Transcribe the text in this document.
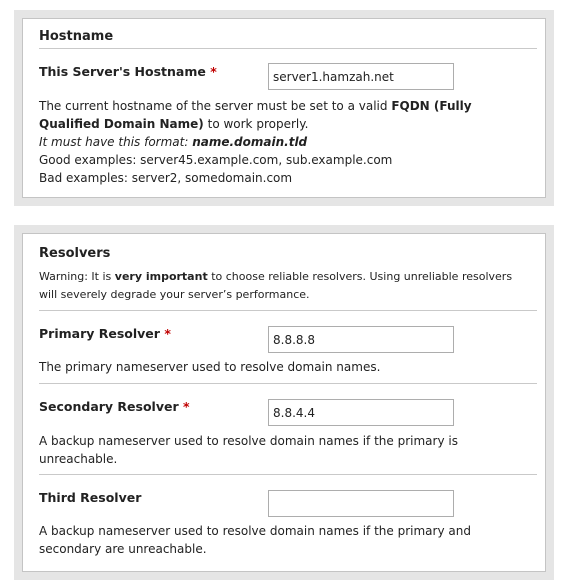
Hostname
This Server's Hostname *
server1.hamzah.net
The current hostname of the server must be set to a valid FQDN (Fully Qualified Domain Name) to work properly.
It must have this format: name.domain.tld
Good examples: server45.example.com, sub.example.com
Bad examples: server2, somedomain.com
Resolvers
Warning: It is very important to choose reliable resolvers. Using unreliable resolvers will severely degrade your server’s performance.
Primary Resolver *
8.8.8.8
The primary nameserver used to resolve domain names.
Secondary Resolver *
8.8.4.4
A backup nameserver used to resolve domain names if the primary is unreachable.
Third Resolver
A backup nameserver used to resolve domain names if the primary and secondary are unreachable.
